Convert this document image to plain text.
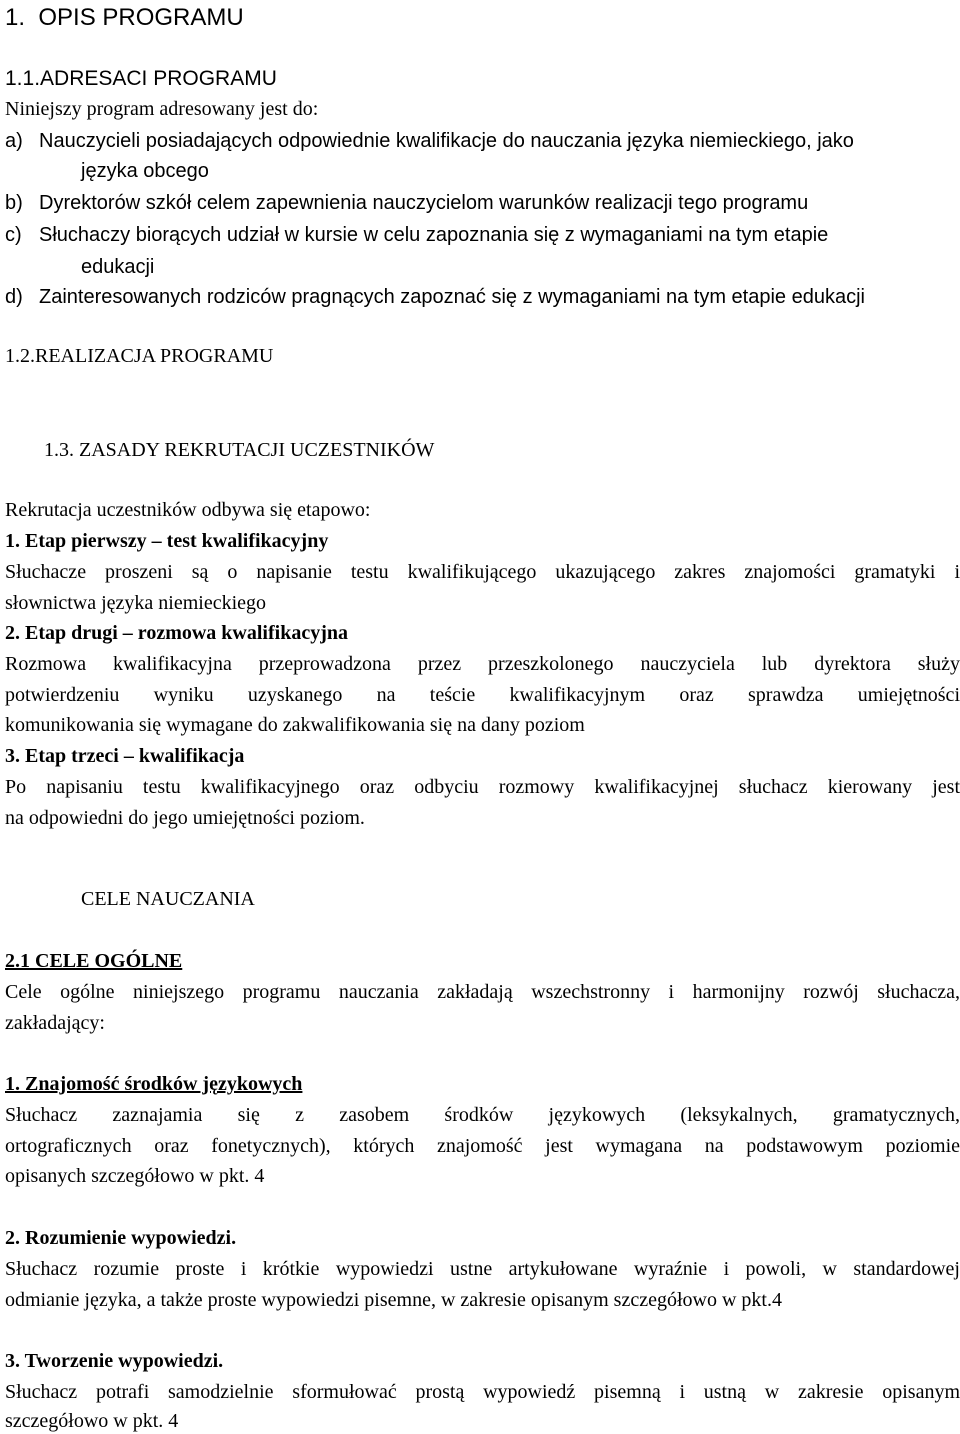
1. OPIS PROGRAMU
1.1.ADRESACI PROGRAMU
Niniejszy program adresowany jest do:
a) Nauczycieli posiadających odpowiednie kwalifikacje do nauczania języka niemieckiego, jako
języka obcego
b) Dyrektorów szkół celem zapewnienia nauczycielom warunków realizacji tego programu
c) Słuchaczy biorących udział w kursie w celu zapoznania się z wymaganiami na tym etapie
edukacji
d) Zainteresowanych rodziców pragnących zapoznać się z wymaganiami na tym etapie edukacji
1.2.REALIZACJA PROGRAMU
1.3. ZASADY REKRUTACJI UCZESTNIKÓW
Rekrutacja uczestników odbywa się etapowo:
1. Etap pierwszy – test kwalifikacyjny
Słuchacze proszeni są o napisanie testu kwalifikującego ukazującego zakres znajomości gramatyki i
słownictwa języka niemieckiego
2. Etap drugi – rozmowa kwalifikacyjna
Rozmowa kwalifikacyjna przeprowadzona przez przeszkolonego nauczyciela lub dyrektora służy
potwierdzeniu wyniku uzyskanego na teście kwalifikacyjnym oraz sprawdza umiejętności
komunikowania się wymagane do zakwalifikowania się na dany poziom
3. Etap trzeci – kwalifikacja
Po napisaniu testu kwalifikacyjnego oraz odbyciu rozmowy kwalifikacyjnej słuchacz kierowany jest
na odpowiedni do jego umiejętności poziom.
CELE NAUCZANIA
2.1 CELE OGÓLNE
Cele ogólne niniejszego programu nauczania zakładają wszechstronny i harmonijny rozwój słuchacza,
zakładający:
1. Znajomość środków językowych
Słuchacz zaznajamia się z zasobem środków językowych (leksykalnych, gramatycznych,
ortograficznych oraz fonetycznych), których znajomość jest wymagana na podstawowym poziomie
opisanych szczegółowo w pkt. 4
2. Rozumienie wypowiedzi.
Słuchacz rozumie proste i krótkie wypowiedzi ustne artykułowane wyraźnie i powoli, w standardowej
odmianie języka, a także proste wypowiedzi pisemne, w zakresie opisanym szczegółowo w pkt.4
3. Tworzenie wypowiedzi.
Słuchacz potrafi samodzielnie sformułować prostą wypowiedź pisemną i ustną w zakresie opisanym
szczegółowo w pkt. 4
